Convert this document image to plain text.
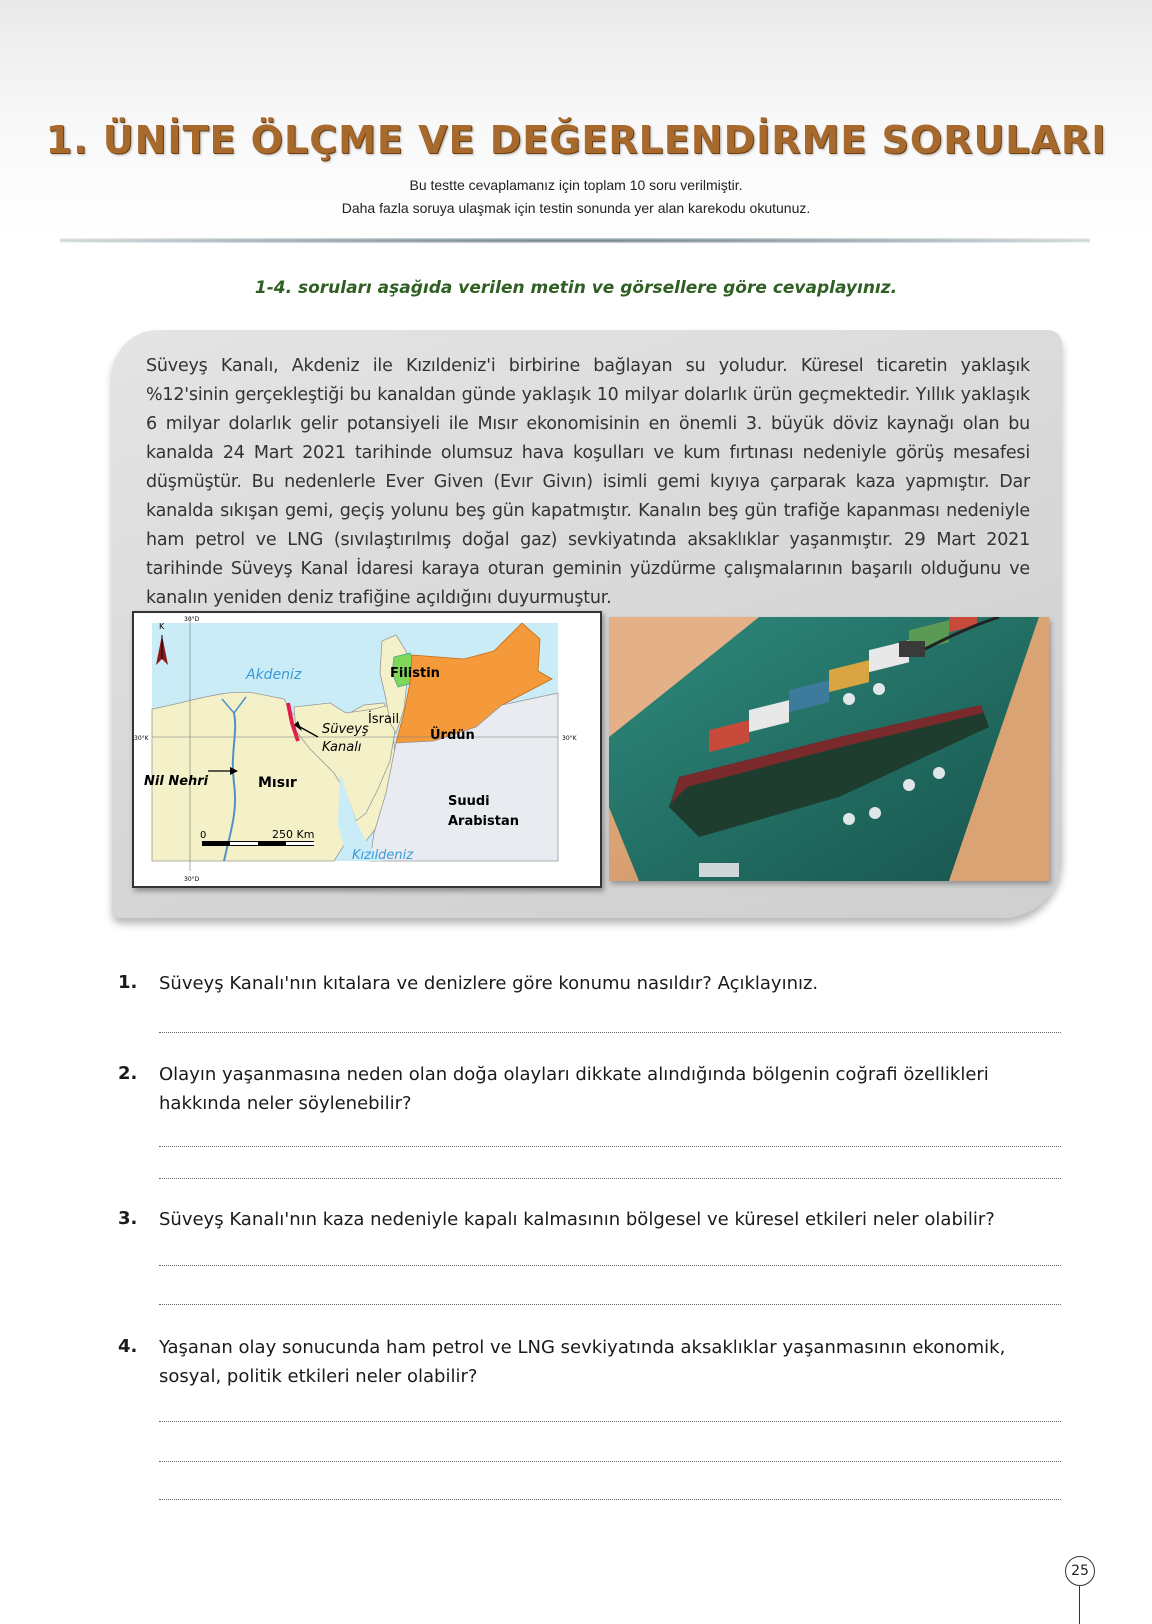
1. ÜNİTE ÖLÇME VE DEĞERLENDİRME SORULARI
Bu testte cevaplamanız için toplam 10 soru verilmiştir.
Daha fazla soruya ulaşmak için testin sonunda yer alan karekodu okutunuz.
1-4. soruları aşağıda verilen metin ve görsellere göre cevaplayınız.
Süveyş Kanalı, Akdeniz ile Kızıldeniz'i birbirine bağlayan su yoludur. Küresel ticaretin yaklaşık %12'sinin gerçekleştiği bu kanaldan günde yaklaşık 10 milyar dolarlık ürün geçmektedir. Yıllık yaklaşık 6 milyar dolarlık gelir potansiyeli ile Mısır ekonomisinin en önemli 3. büyük döviz kaynağı olan bu kanalda 24 Mart 2021 tarihinde olumsuz hava koşulları ve kum fırtınası nedeniyle görüş mesafesi düşmüştür. Bu nedenlerle Ever Given (Evır Givın) isimli gemi kıyıya çarparak kaza yapmıştır. Dar kanalda sıkışan gemi, geçiş yolunu beş gün kapatmıştır. Kanalın beş gün trafiğe kapanması nedeniyle ham petrol ve LNG (sıvılaştırılmış doğal gaz) sevkiyatında aksaklıklar yaşanmıştır. 29 Mart 2021 tarihinde Süveyş Kanal İdaresi karaya oturan geminin yüzdürme çalışmalarının başarılı olduğunu ve kanalın yeniden deniz trafiğine açıldığını duyurmuştur.
K
30°D
30°D
30°K	30°K
Akdeniz	Filistin
İsrail
Ürdün
Süveyş
Kanalı
Nil Nehri	Mısır
Suudi
Arabistan
0	250 Km
Kızıldeniz
1. Süveyş Kanalı'nın kıtalara ve denizlere göre konumu nasıldır? Açıklayınız.
2. Olayın yaşanmasına neden olan doğa olayları dikkate alındığında bölgenin coğrafi özellikleri hakkında neler söylenebilir?
3. Süveyş Kanalı'nın kaza nedeniyle kapalı kalmasının bölgesel ve küresel etkileri neler olabilir?
4. Yaşanan olay sonucunda ham petrol ve LNG sevkiyatında aksaklıklar yaşanmasının ekonomik, sosyal, politik etkileri neler olabilir?
25
